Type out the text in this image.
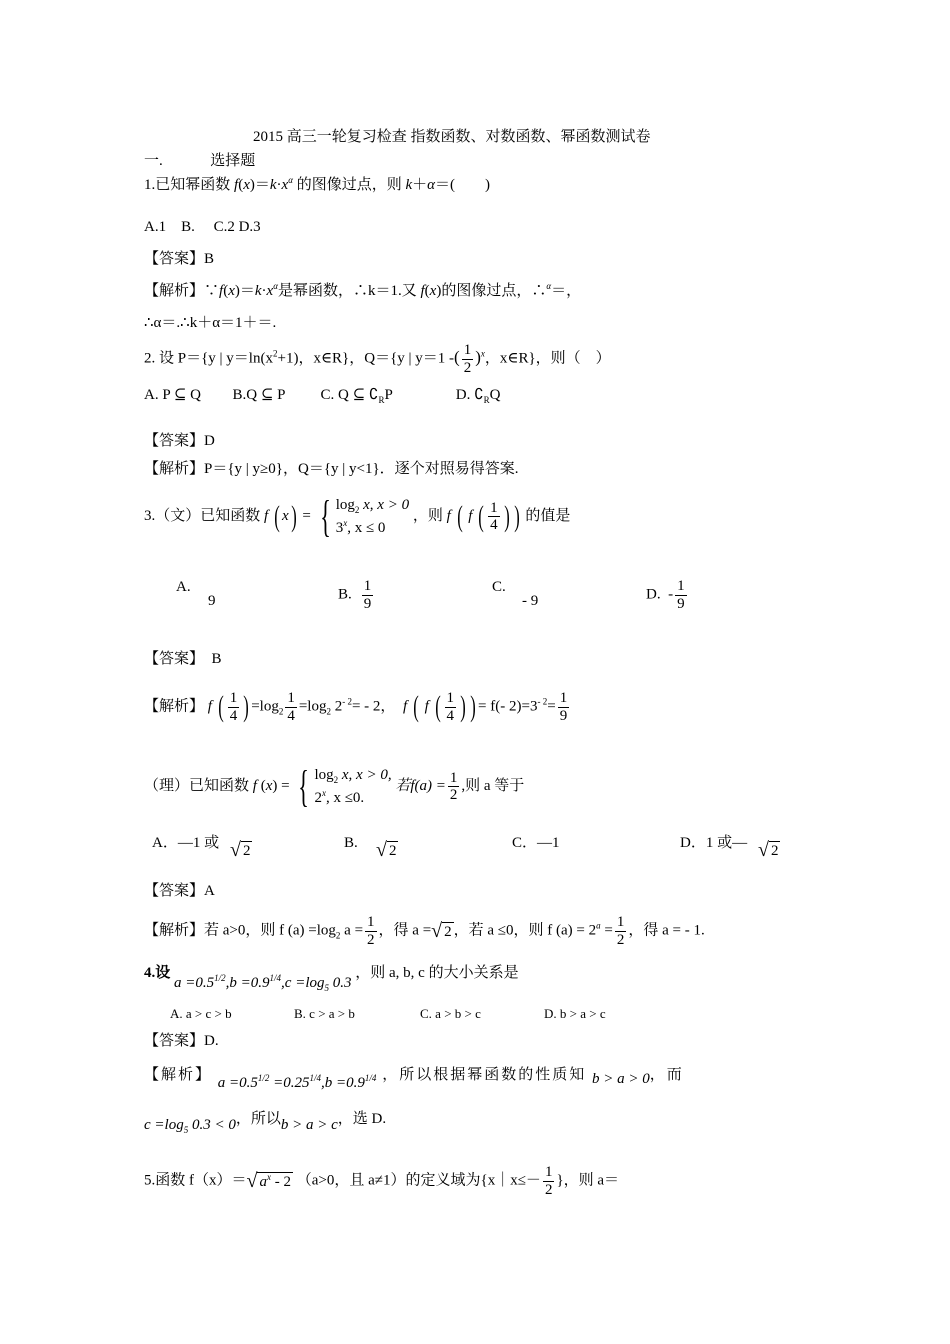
2015 高三一轮复习检查 指数函数、对数函数、幂函数测试卷
一.	选择题
1.已知幂函数 $f(x)=k\cdot x^\alpha$ 的图像过点，则 k＋α＝(　　)
A.1　B.　 C.2 D.3
【答案】B
【解析】$\because f(x)=k\cdot x^\alpha$是幂函数，∴k＝1.又 f(x)的图像过点，∴$^\alpha$＝，
∴α＝.∴k＋α＝1＋＝.
2. 设 P＝{y | $y=\ln(x^2+1)$，x∈R}，Q＝{y | y＝1 -( $\frac{1}{2} )^x$，x∈R}，则（　）
A. P ⊆ Q B.Q ⊆ P C. Q ⊆ $∁_RP$	D. $∁_RQ$
【答案】D
【解析】P＝{y | y≥0}，Q＝{y | y<1}．逐个对照易得答案.
3.（文）已知函数 f ( x) = { $\log_2 x$, x > 0
3$^x$, x ≤ 0
，则 f ( f ( $\frac{1}{4}$ ) ) 的值是
A.
9	B. $\frac{1}{9}$	C.
- 9	D. - $\frac{1}{9}$
【答案】 B
【解析】 f ( $\frac{1}{4}$ ) $=\log_2 \frac{1}{4} =\log_2$ $2^{- 2}= - 2$， f ( f ( $\frac{1}{4}$ ) ) = f(- $2)=3^{- 2}= \frac{1}{9}$
（理）已知函数 f (x) = { $\log_2 x$, x > 0,
2$^x$, x ≤0.
若$f(a) = \frac{1}{2}$ ,则 a 等于
A．—1 或 √ 2	B. √ 2	C．—1	D．1 或— √ 2
【答案】A
【解析】若 a>0，则 f $(a) =\log_2$ $a = \frac{1}{2}$ ，得 a = √ 2 ，若 a ≤0，则 f $(a) = 2^a = \frac{1}{2}$ ，得 a = - 1.
4.设 $a =0.5^{1/2},b =0.9^{1/4},c =\log_5$ 0.3 ，则 a, b, c 的大小关系是
A. a > c > b	B. c > a > b	C. a > b > c	D. b > a > c
【答案】D.
【解析】 $a =0.5^{1/2} =0.25^{1/4},b =0.9^{1/4}$ ，所以根据幂函数的性质知 b > a > 0，而
$c =\log_5$ 0.3 < 0，所以b > a > c，选 D.
5.函数 f（x）＝ √ $a^x - 2$ （a>0，且 a≠1）的定义域为{x｜x≤－ $\frac{1}{2}$ }，则 a＝
